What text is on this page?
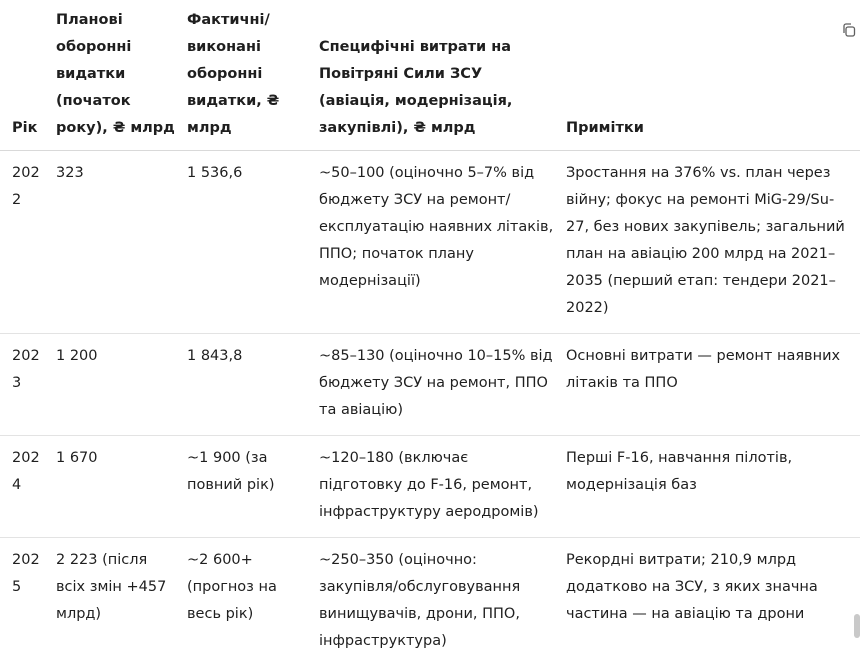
Рік	Планові оборонні видатки (початок року), ₴ млрд	Фактичні/ виконані оборонні видатки, ₴ млрд	Специфічні витрати на Повітряні Сили ЗСУ (авіація, модернізація, закупівлі), ₴ млрд	Примітки
2022	323	1 536,6	~50–100 (оціночно 5–7% від бюджету ЗСУ на ремонт/ експлуатацію наявних літаків, ППО; початок плану модернізації)	Зростання на 376% vs. план через війну; фокус на ремонті MiG-29/Su-27, без нових закупівель; загальний план на авіацію 200 млрд на 2021–2035 (перший етап: тендери 2021–2022)
2023	1 200	1 843,8	~85–130 (оціночно 10–15% від бюджету ЗСУ на ремонт, ППО та авіацію)	Основні витрати — ремонт наявних літаків та ППО
2024	1 670	~1 900 (за повний рік)	~120–180 (включає підготовку до F-16, ремонт, інфраструктуру аеродромів)	Перші F-16, навчання пілотів, модернізація баз
2025	2 223 (після всіх змін +457 млрд)	~2 600+ (прогноз на весь рік)	~250–350 (оціночно: закупівля/обслуговування винищувачів, дрони, ППО, інфраструктура)	Рекордні витрати; 210,9 млрд додатково на ЗСУ, з яких значна частина — на авіацію та дрони
